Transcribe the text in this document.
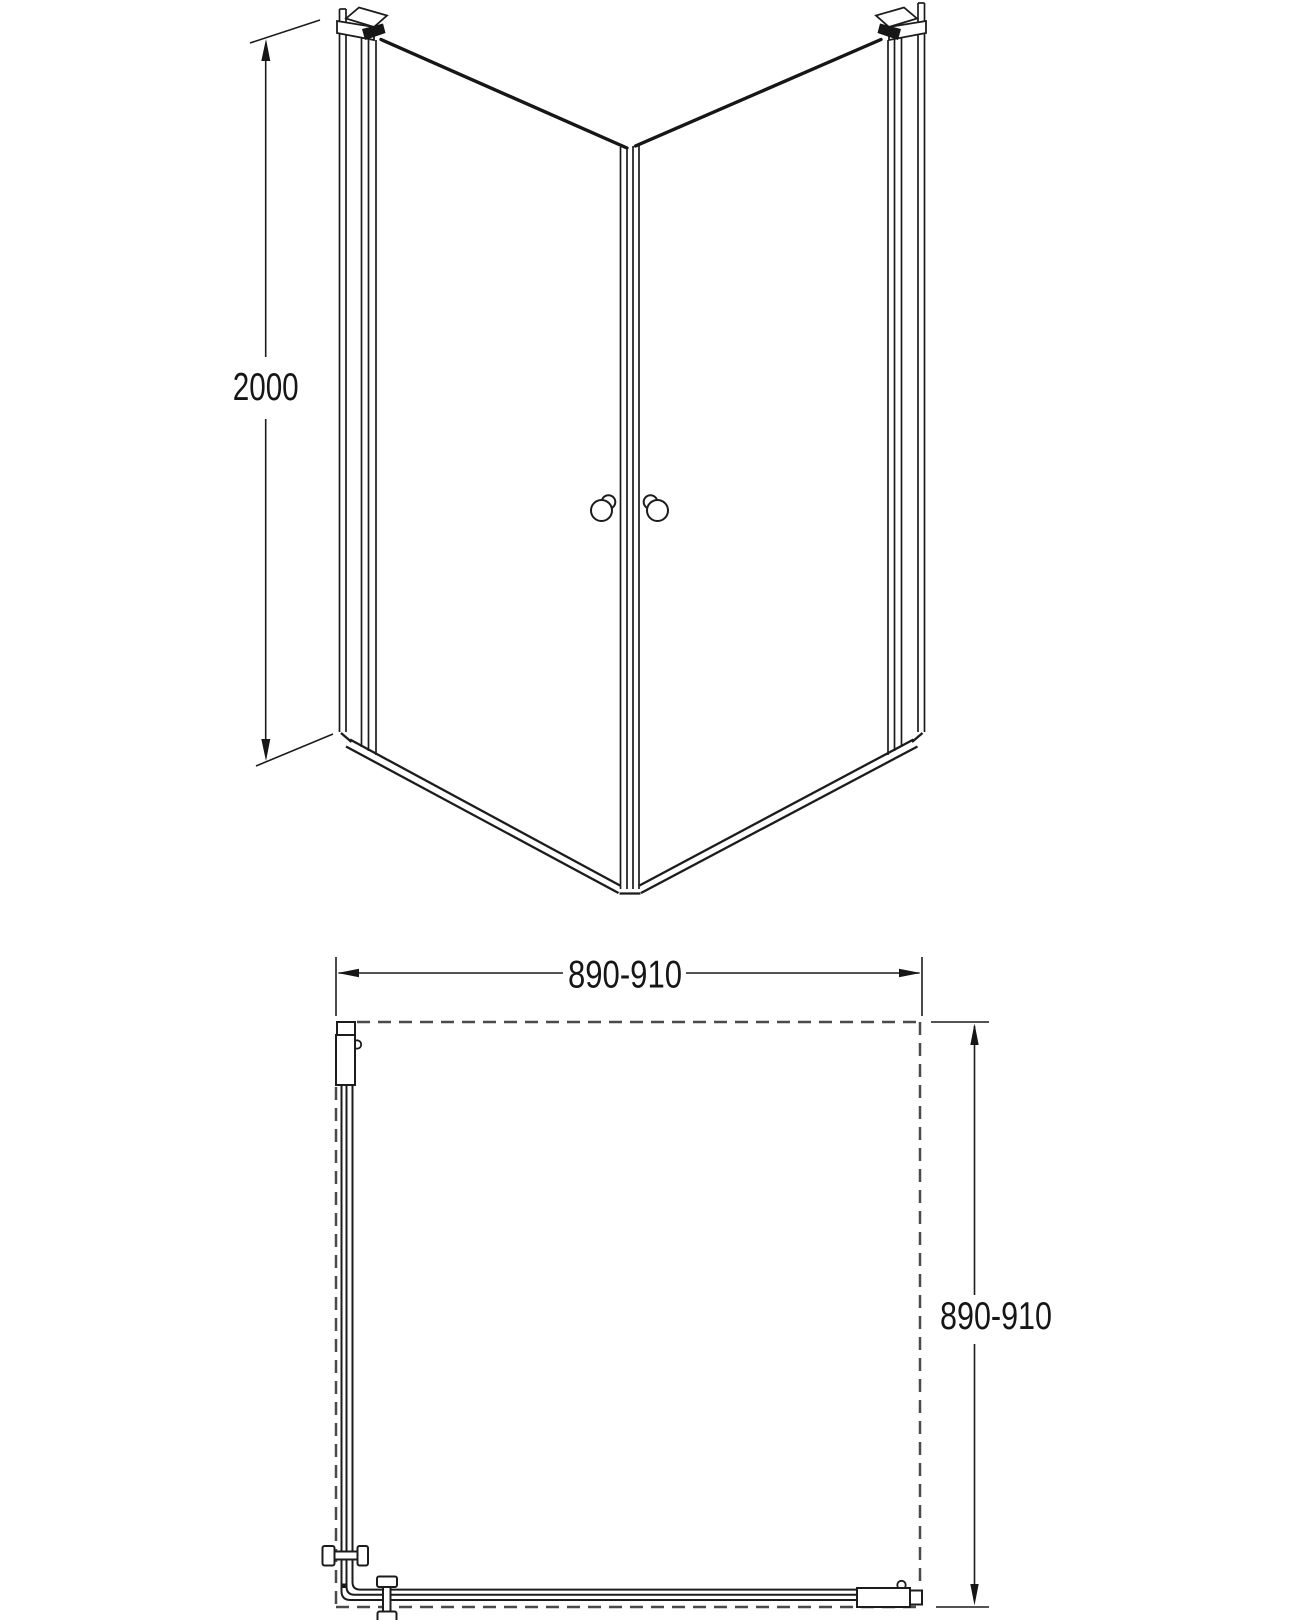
2000
890-910
890-910
